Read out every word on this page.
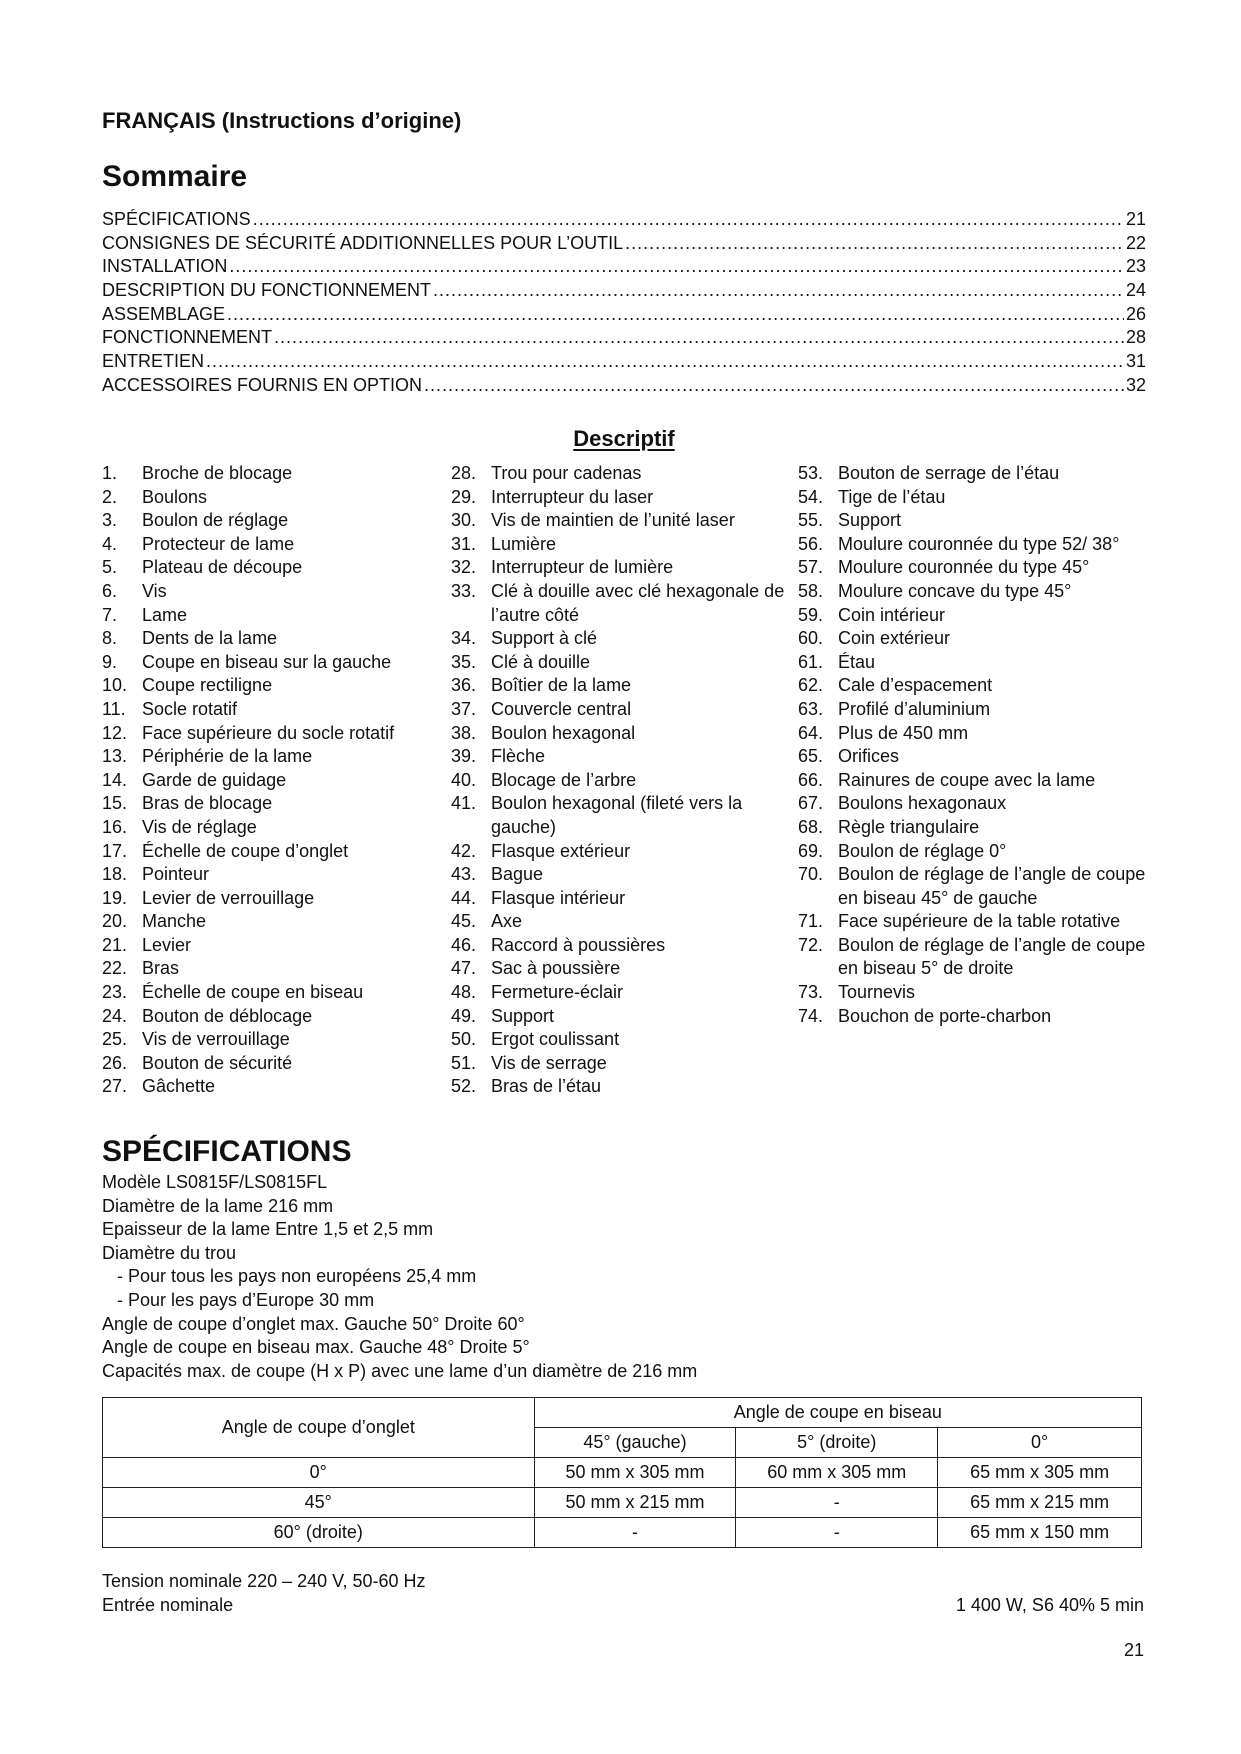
FRANÇAIS (Instructions d’origine)
Sommaire
SPÉCIFICATIONS .....	21
CONSIGNES DE SÉCURITÉ ADDITIONNELLES POUR L’OUTIL .....	22
INSTALLATION .....	23
DESCRIPTION DU FONCTIONNEMENT .....	24
ASSEMBLAGE .....	26
FONCTIONNEMENT .....	28
ENTRETIEN .....	31
ACCESSOIRES FOURNIS EN OPTION .....	32
Descriptif
1.	Broche de blocage
2.	Boulons
3.	Boulon de réglage
4.	Protecteur de lame
5.	Plateau de découpe
6.	Vis
7.	Lame
8.	Dents de la lame
9.	Coupe en biseau sur la gauche
10. Coupe rectiligne
11. Socle rotatif
12. Face supérieure du socle rotatif
13. Périphérie de la lame
14. Garde de guidage
15. Bras de blocage
16. Vis de réglage
17. Échelle de coupe d’onglet
18. Pointeur
19. Levier de verrouillage
20. Manche
21. Levier
22. Bras
23. Échelle de coupe en biseau
24. Bouton de déblocage
25. Vis de verrouillage
26. Bouton de sécurité
27. Gâchette
28. Trou pour cadenas
29. Interrupteur du laser
30. Vis de maintien de l’unité laser
31. Lumière
32. Interrupteur de lumière
33. Clé à douille avec clé hexagonale de l’autre côté
34. Support à clé
35. Clé à douille
36. Boîtier de la lame
37. Couvercle central
38. Boulon hexagonal
39. Flèche
40. Blocage de l’arbre
41. Boulon hexagonal (fileté vers la gauche)
42. Flasque extérieur
43. Bague
44. Flasque intérieur
45. Axe
46. Raccord à poussières
47. Sac à poussière
48. Fermeture-éclair
49. Support
50. Ergot coulissant
51. Vis de serrage
52. Bras de l’étau
53. Bouton de serrage de l’étau
54. Tige de l’étau
55. Support
56. Moulure couronnée du type 52/ 38°
57. Moulure couronnée du type 45°
58. Moulure concave du type 45°
59. Coin intérieur
60. Coin extérieur
61. Étau
62. Cale d’espacement
63. Profilé d’aluminium
64. Plus de 450 mm
65. Orifices
66. Rainures de coupe avec la lame
67. Boulons hexagonaux
68. Règle triangulaire
69. Boulon de réglage 0°
70. Boulon de réglage de l’angle de coupe en biseau 45° de gauche
71. Face supérieure de la table rotative
72. Boulon de réglage de l’angle de coupe en biseau 5° de droite
73. Tournevis
74. Bouchon de porte-charbon
SPÉCIFICATIONS
Modèle LS0815F/LS0815FL
Diamètre de la lame 216 mm
Epaisseur de la lame Entre 1,5 et 2,5 mm
Diamètre du trou
- Pour tous les pays non européens 25,4 mm
- Pour les pays d’Europe 30 mm
Angle de coupe d’onglet max. Gauche 50° Droite 60°
Angle de coupe en biseau max. Gauche 48° Droite 5°
Capacités max. de coupe (H x P) avec une lame d’un diamètre de 216 mm
Angle de coupe d’onglet	Angle de coupe en biseau		
	45° (gauche)	5° (droite)	0°
0°	50 mm x 305 mm	60 mm x 305 mm	65 mm x 305 mm
45°	50 mm x 215 mm	-	65 mm x 215 mm
60° (droite)	-	-	65 mm x 150 mm
Tension nominale 220 – 240 V, 50-60 Hz
Entrée nominale	1 400 W, S6 40% 5 min
21
